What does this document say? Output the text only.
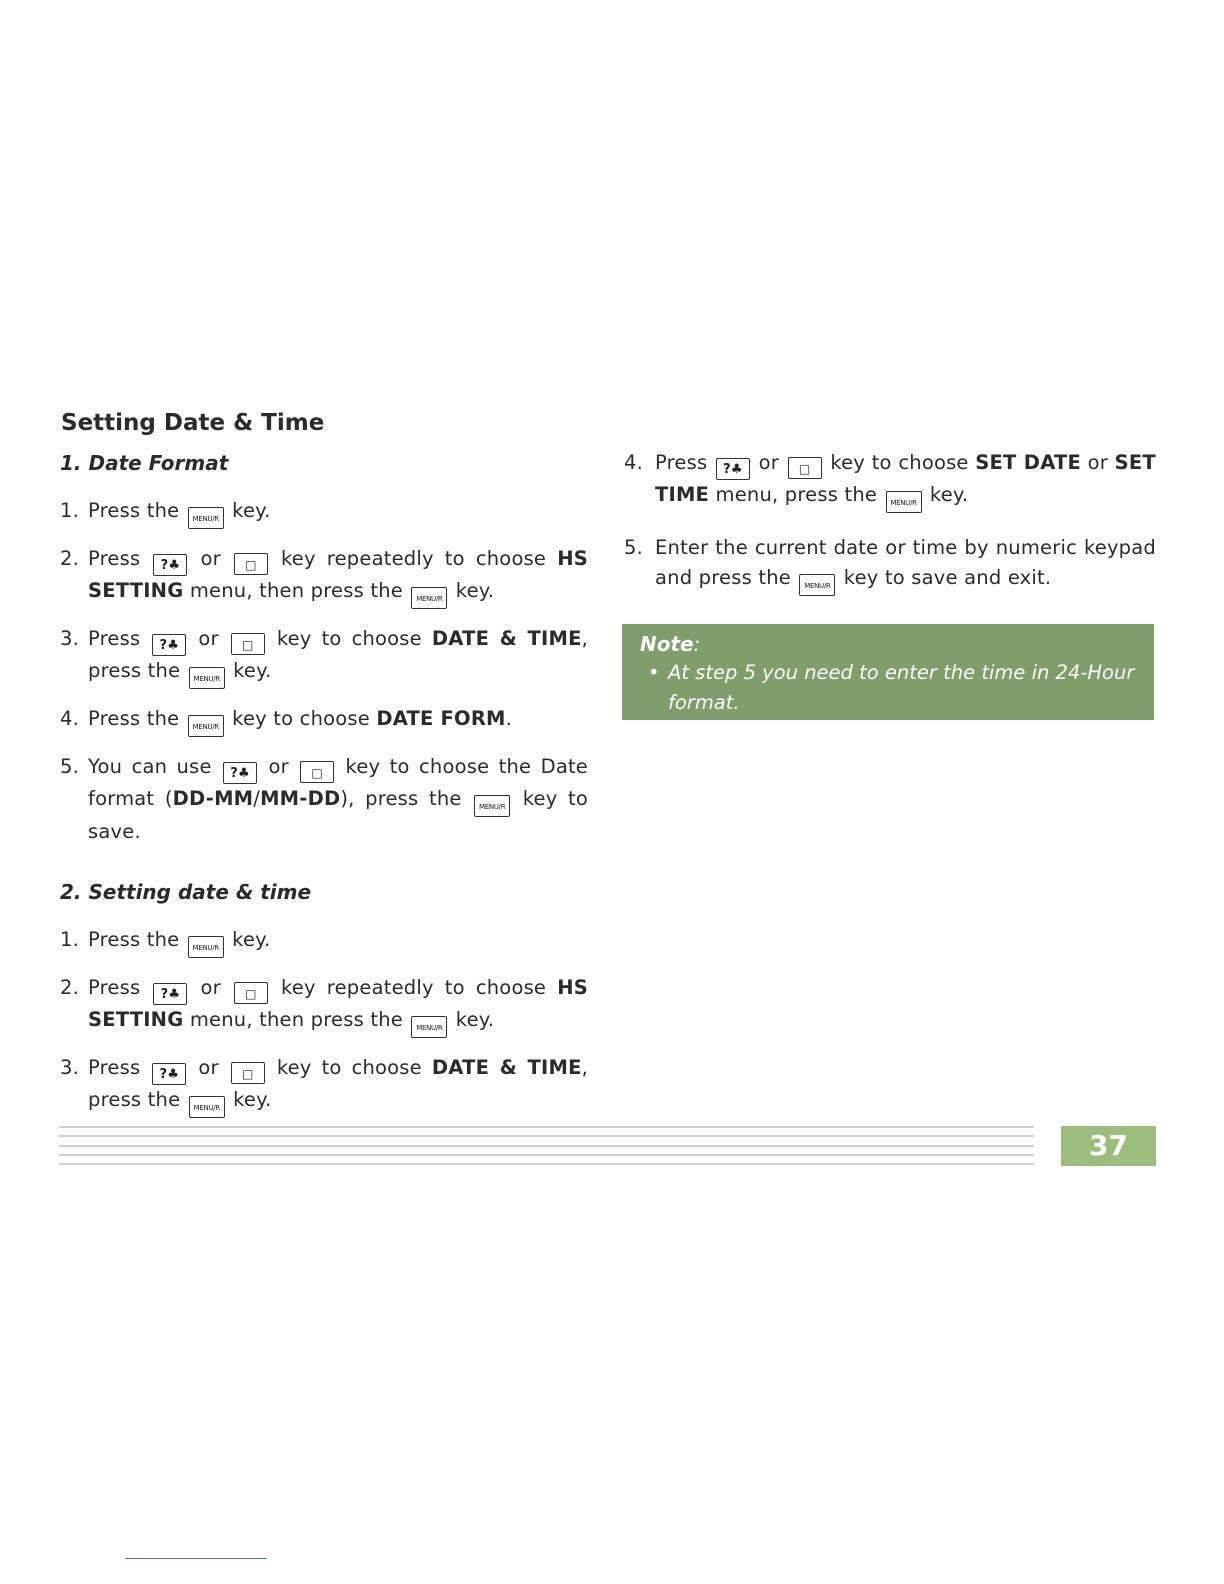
Setting Date & Time
1. Date Format
1. Press the MENU/R key.
2. Press ?♣ or □ key repeatedly to choose HS SETTING menu, then press the MENU/R key.
3. Press ?♣ or □ key to choose DATE & TIME, press the MENU/R key.
4. Press the MENU/R key to choose DATE FORM.
5. You can use ?♣ or □ key to choose the Date format (DD-MM/MM-DD), press the MENU/R key to save.
2. Setting date & time
1. Press the MENU/R key.
2. Press ?♣ or □ key repeatedly to choose HS SETTING menu, then press the MENU/R key.
3. Press ?♣ or □ key to choose DATE & TIME, press the MENU/R key.
4. Press ?♣ or □ key to choose SET DATE or SET TIME menu, press the MENU/R key.
5. Enter the current date or time by numeric keypad and press the MENU/R key to save and exit.
Note:
• At step 5 you need to enter the time in 24-Hour format.
37
